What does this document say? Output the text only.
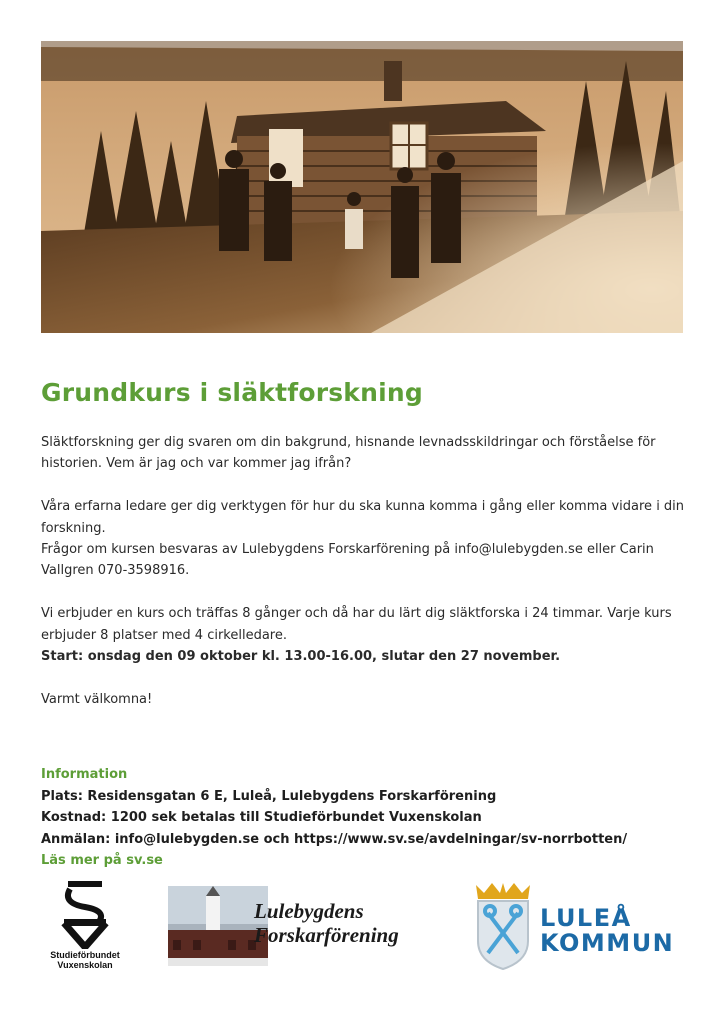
Grundkurs i släktforskning

Släktforskning ger dig svaren om din bakgrund, hisnande levnadsskildringar och förståelse för historien. Vem är jag och var kommer jag ifrån?

Våra erfarna ledare ger dig verktygen för hur du ska kunna komma i gång eller komma vidare i din forskning.

Frågor om kursen besvaras av Lulebygdens Forskarförening på info@lulebygden.se eller Carin Vallgren 070-3598916.

Vi erbjuder en kurs och träffas 8 gånger och då har du lärt dig släktforska i 24 timmar. Varje kurs erbjuder 8 platser med 4 cirkelledare.

Start: onsdag den 09 oktober kl. 13.00-16.00, slutar den 27 november.

Varmt välkomna!

Information
Plats: Residensgatan 6 E, Luleå, Lulebygdens Forskarförening
Kostnad: 1200 sek betalas till Studieförbundet Vuxenskolan
Anmälan: info@lulebygden.se och https://www.sv.se/avdelningar/sv-norrbotten/
Läs mer på sv.se
Studieförbundet
Vuxenskolan
Lulebygdens
Forskarförening
LULEÅ
KOMMUN
